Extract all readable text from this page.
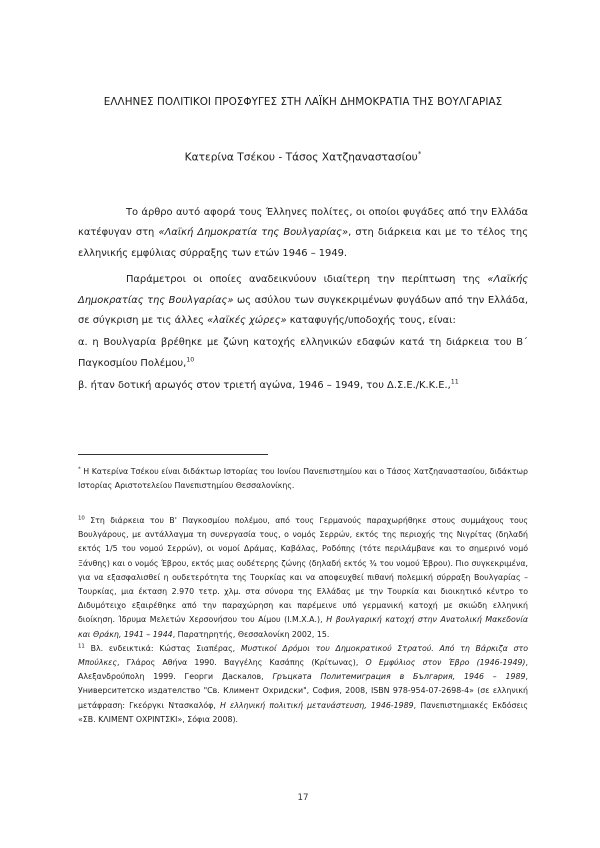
ΕΛΛΗΝΕΣ ΠΟΛΙΤΙΚΟΙ ΠΡΟΣΦΥΓΕΣ ΣΤΗ ΛΑΪΚΗ ΔΗΜΟΚΡΑΤΙΑ ΤΗΣ ΒΟΥΛΓΑΡΙΑΣ
Κατερίνα Τσέκου - Τάσος Χατζηαναστασίου*

Το άρθρο αυτό αφορά τους Έλληνες πολίτες, οι οποίοι φυγάδες από την Ελλάδα κατέφυγαν στη «Λαϊκή Δημοκρατία της Βουλγαρίας», στη διάρκεια και με το τέλος της ελληνικής εμφύλιας σύρραξης των ετών 1946 – 1949.

Παράμετροι οι οποίες αναδεικνύουν ιδιαίτερη την περίπτωση της «Λαϊκής Δημοκρατίας της Βουλγαρίας» ως ασύλου των συγκεκριμένων φυγάδων από την Ελλάδα, σε σύγκριση με τις άλλες «λαϊκές χώρες» καταφυγής/υποδοχής τους, είναι:

α. η Βουλγαρία βρέθηκε με ζώνη κατοχής ελληνικών εδαφών κατά τη διάρκεια του Β΄ Παγκοσμίου Πολέμου,$^{10}$

β. ήταν δοτική αρωγός στον τριετή αγώνα, 1946 – 1949, του Δ.Σ.Ε./Κ.Κ.Ε.,$^{11}$

* Η Κατερίνα Τσέκου είναι διδάκτωρ Ιστορίας του Ιονίου Πανεπιστημίου και ο Τάσος Χατζηαναστασίου, διδάκτωρ Ιστορίας Αριστοτελείου Πανεπιστημίου Θεσσαλονίκης.

$^{10}$ Στη διάρκεια του Β' Παγκοσμίου πολέμου, από τους Γερμανούς παραχωρήθηκε στους συμμάχους τους Βουλγάρους, με αντάλλαγμα τη συνεργασία τους, ο νομός Σερρών, εκτός της περιοχής της Νιγρίτας (δηλαδή εκτός 1/5 του νομού Σερρών), οι νομοί Δράμας, Καβάλας, Ροδόπης (τότε περιλάμβανε και το σημερινό νομό Ξάνθης) και ο νομός Έβρου, εκτός μιας ουδέτερης ζώνης (δηλαδή εκτός ¾ του νομού Έβρου). Πιο συγκεκριμένα, για να εξασφαλισθεί η ουδετερότητα της Τουρκίας και να αποφευχθεί πιθανή πολεμική σύρραξη Βουλγαρίας – Τουρκίας, μια έκταση 2.970 τετρ. χλμ. στα σύνορα της Ελλάδας με την Τουρκία και διοικητικό κέντρο το Διδυμότειχο εξαιρέθηκε από την παραχώρηση και παρέμεινε υπό γερμανική κατοχή με σκιώδη ελληνική διοίκηση. Ίδρυμα Μελετών Χερσονήσου του Αίμου (Ι.Μ.Χ.Α.), Η βουλγαρική κατοχή στην Ανατολική Μακεδονία και Θράκη, 1941 – 1944, Παρατηρητής, Θεσσαλονίκη 2002, 15.

$^{11}$ Βλ. ενδεικτικά: Κώστας Σιαπέρας, Μυστικοί Δρόμοι του Δημοκρατικού Στρατού. Από τη Βάρκιζα στο Μπούλκες, Γλάρος Αθήνα 1990. Βαγγέλης Κασάπης (Κρίτωνας), Ο Εμφύλιος στον Έβρο (1946-1949), Αλεξανδρούπολη 1999. Георги Даскалов, Гръцката Политемиграция в България, 1946 – 1989, Университетско издателство "Св. Климент Охридски", София, 2008, ISBN 978-954-07-2698-4» (σε ελληνική μετάφραση: Γκεόργκι Ντασκαλόφ, Η ελληνική πολιτική μετανάστευση, 1946-1989, Πανεπιστημιακές Εκδόσεις «ΣΒ. ΚΛΙΜΕΝΤ ΟΧΡΙΝΤΣΚΙ», Σόφια 2008).

17
